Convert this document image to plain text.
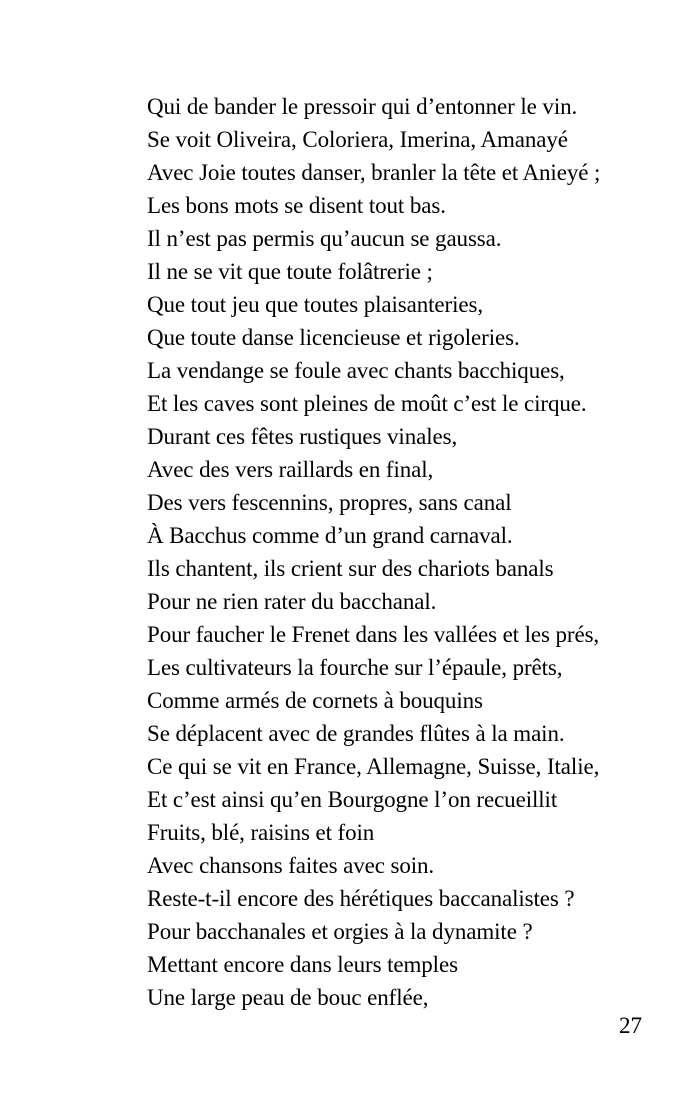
Qui de bander le pressoir qui d’entonner le vin.
Se voit Oliveira, Coloriera, Imerina, Amanayé
Avec Joie toutes danser, branler la tête et Anieyé ;
Les bons mots se disent tout bas.
Il n’est pas permis qu’aucun se gaussa.
Il ne se vit que toute folâtrerie ;
Que tout jeu que toutes plaisanteries,
Que toute danse licencieuse et rigoleries.
La vendange se foule avec chants bacchiques,
Et les caves sont pleines de moût c’est le cirque.
Durant ces fêtes rustiques vinales,
Avec des vers raillards en final,
Des vers fescennins, propres, sans canal
À Bacchus comme d’un grand carnaval.
Ils chantent, ils crient sur des chariots banals
Pour ne rien rater du bacchanal.
Pour faucher le Frenet dans les vallées et les prés,
Les cultivateurs la fourche sur l’épaule, prêts,
Comme armés de cornets à bouquins
Se déplacent avec de grandes flûtes à la main.
Ce qui se vit en France, Allemagne, Suisse, Italie,
Et c’est ainsi qu’en Bourgogne l’on recueillit
Fruits, blé, raisins et foin
Avec chansons faites avec soin.
Reste-t-il encore des hérétiques baccanalistes ?
Pour bacchanales et orgies à la dynamite ?
Mettant encore dans leurs temples
Une large peau de bouc enflée,
27
